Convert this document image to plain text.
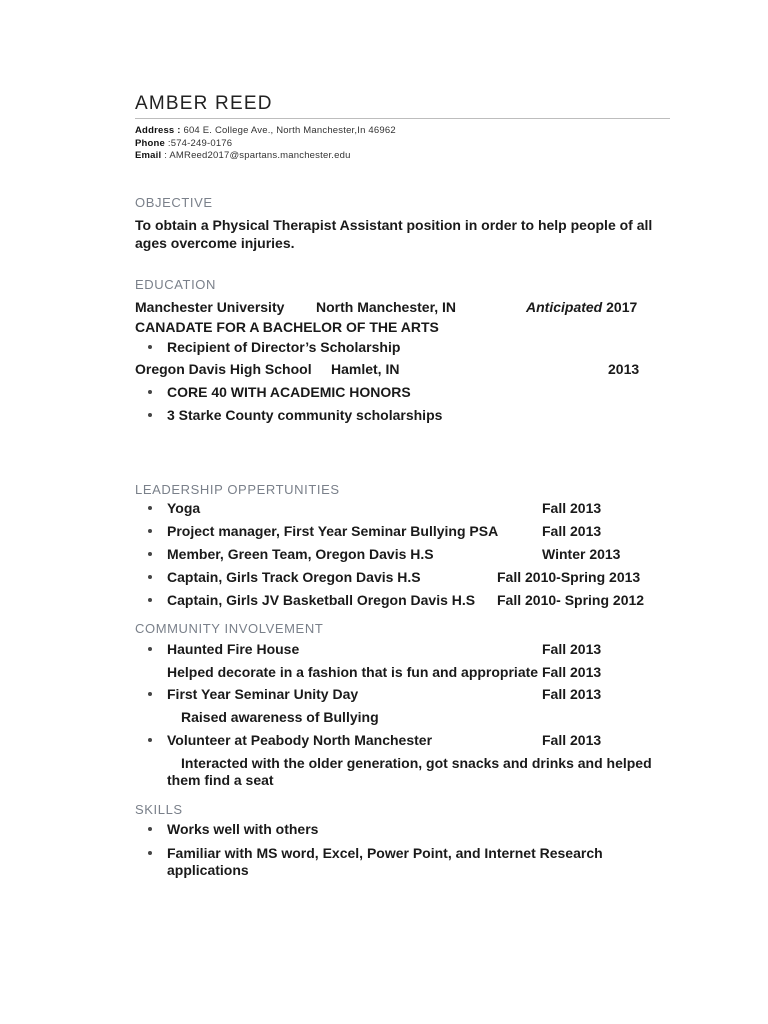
AMBER REED
Address : 604 E. College Ave., North Manchester,In 46962
Phone :574-249-0176
Email : AMReed2017@spartans.manchester.edu
OBJECTIVE
To obtain a Physical Therapist Assistant position in order to help people of all
ages overcome injuries.
EDUCATION
Manchester University North Manchester, IN	Anticipated 2017
CANADATE FOR A BACHELOR OF THE ARTS
Recipient of Director’s Scholarship
Oregon Davis High School Hamlet, IN	2013
CORE 40 WITH ACADEMIC HONORS
3 Starke County community scholarships
LEADERSHIP OPPERTUNITIES
Yoga	Fall 2013
Project manager, First Year Seminar Bullying PSA	Fall 2013
Member, Green Team, Oregon Davis H.S	Winter 2013
Captain, Girls Track Oregon Davis H.S	Fall 2010-Spring 2013
Captain, Girls JV Basketball Oregon Davis H.S Fall 2010- Spring 2012
COMMUNITY INVOLVEMENT
Haunted Fire House	Fall 2013
Helped decorate in a fashion that is fun and appropriate Fall 2013
First Year Seminar Unity Day	Fall 2013
Raised awareness of Bullying
Volunteer at Peabody North Manchester	Fall 2013
Interacted with the older generation, got snacks and drinks and helped
them find a seat
SKILLS
Works well with others
Familiar with MS word, Excel, Power Point, and Internet Research
applications
